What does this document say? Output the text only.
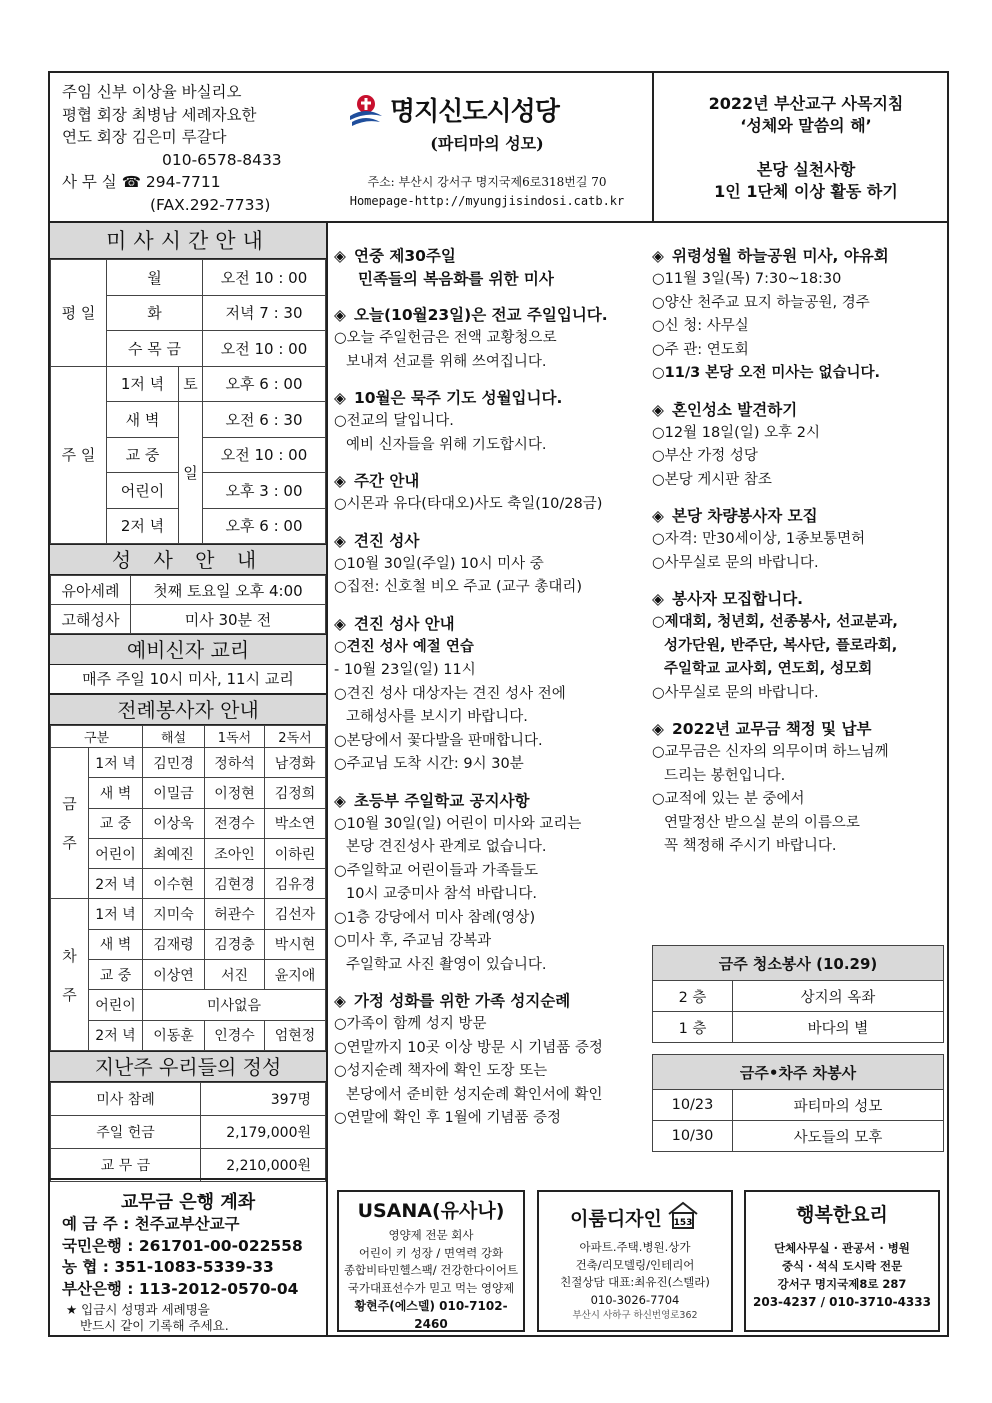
주임 신부 이상율 바실리오
평협 회장 최병남 세례자요한
연도 회장 김은미 루갈다
010-6578-8433
사 무 실 ☎ 294-7711
(FAX.292-7733)
명지신도시성당
(파티마의 성모)
주소: 부산시 강서구 명지국제6로318번길 70
Homepage-http://myungjisindosi.catb.kr
2022년 부산교구 사목지침
‘성체와 말씀의 해’
본당 실천사항
1인 1단체 이상 활동 하기
미사시간안내
평 일	월		오전 10 : 00
	화		저녁 7 : 30
	수 목 금		오전 10 : 00
주 일	1저 녁	토	오후 6 : 00
	새 벽	일	오전 6 : 30
	교 중		오전 10 : 00
	어린이		오후 3 : 00
	2저 녁		오후 6 : 00
성 사 안 내
유아세례	첫째 토요일 오후 4:00
고해성사	미사 30분 전
예비신자 교리
매주 주일 10시 미사, 11시 교리
전례봉사자 안내
구분		해설	1독서	2독서
금

주	1저 녁	김민경	정하석	남경화
	새 벽	이밀금	이정현	김정희
	교 중	이상욱	전경수	박소연
	어린이	최예진	조아인	이하린
	2저 녁	이수현	김현경	김유경
차

주	1저 녁	지미숙	허관수	김선자
	새 벽	김재령	김경충	박시현
	교 중	이상연	서진	윤지애
	어린이	미사없음		
	2저 녁	이동훈	인경수	엄현정
지난주 우리들의 정성
미사 참례	397명
주일 헌금	2,179,000원
교 무 금	2,210,000원
교무금 은행 계좌
예 금 주 : 천주교부산교구
국민은행 : 261701-00-022558
농 협 : 351-1083-5339-33
부산은행 : 113-2012-0570-04
★ 입금시 성명과 세례명을
반드시 같이 기록해 주세요.
◈ 연중 제30주일
민족들의 복음화를 위한 미사
◈ 오늘(10월23일)은 전교 주일입니다.

○오늘 주일헌금은 전액 교황청으로

보내져 선교를 위해 쓰여집니다.

◈ 10월은 묵주 기도 성월입니다.

○전교의 달입니다.

예비 신자들을 위해 기도합시다.

◈ 주간 안내

○시몬과 유다(타대오)사도 축일(10/28금)

◈ 견진 성사

○10월 30일(주일) 10시 미사 중

○집전: 신호철 비오 주교 (교구 총대리)

◈ 견진 성사 안내

○견진 성사 예절 연습

- 10월 23일(일) 11시

○견진 성사 대상자는 견진 성사 전에

고해성사를 보시기 바랍니다.

○본당에서 꽃다발을 판매합니다.

○주교님 도착 시간: 9시 30분

◈ 초등부 주일학교 공지사항

○10월 30일(일) 어린이 미사와 교리는

본당 견진성사 관계로 없습니다.

○주일학교 어린이들과 가족들도

10시 교중미사 참석 바랍니다.

○1층 강당에서 미사 참례(영상)

○미사 후, 주교님 강복과

주일학교 사진 촬영이 있습니다.

◈ 가정 성화를 위한 가족 성지순례

○가족이 함께 성지 방문

○연말까지 10곳 이상 방문 시 기념품 증정

○성지순례 책자에 확인 도장 또는

본당에서 준비한 성지순례 확인서에 확인

○연말에 확인 후 1월에 기념품 증정

◈ 위령성월 하늘공원 미사, 야유회

○11월 3일(목) 7:30~18:30

○양산 천주교 묘지 하늘공원, 경주

○신 청: 사무실

○주 관: 연도회

○11/3 본당 오전 미사는 없습니다.

◈ 혼인성소 발견하기

○12월 18일(일) 오후 2시

○부산 가정 성당

○본당 게시판 참조

◈ 본당 차량봉사자 모집

○자격: 만30세이상, 1종보통면허

○사무실로 문의 바랍니다.

◈ 봉사자 모집합니다.

○제대회, 청년회, 선종봉사, 선교분과,

성가단원, 반주단, 복사단, 플로라회,

주일학교 교사회, 연도회, 성모회

○사무실로 문의 바랍니다.

◈ 2022년 교무금 책정 및 납부

○교무금은 신자의 의무이며 하느님께

드리는 봉헌입니다.

○교적에 있는 분 중에서

연말정산 받으실 분의 이름으로

꼭 책정해 주시기 바랍니다.

금주 청소봉사 (10.29)	
2 층	상지의 옥좌
1 층	바다의 별
금주•차주 차봉사	
10/23	파티마의 성모
10/30	사도들의 모후
USANA(유사나)
영양제 전문 회사
어린이 키 성장 / 면역력 강화
종합비타민헬스팩/ 건강한다이어트
국가대표선수가 믿고 먹는 영양제
황현주(에스델) 010-7102-2460
이룸디자인 153
아파트.주택.병원.상가
건축/리모델링/인테리어
친절상담 대표:최유진(스텔라)
010-3026-7704
부산시 사하구 하신번영로362
행복한요리
단체사무실 · 관공서 · 병원
중식 · 석식 도시락 전문
강서구 명지국제8로 287
203-4237 / 010-3710-4333
